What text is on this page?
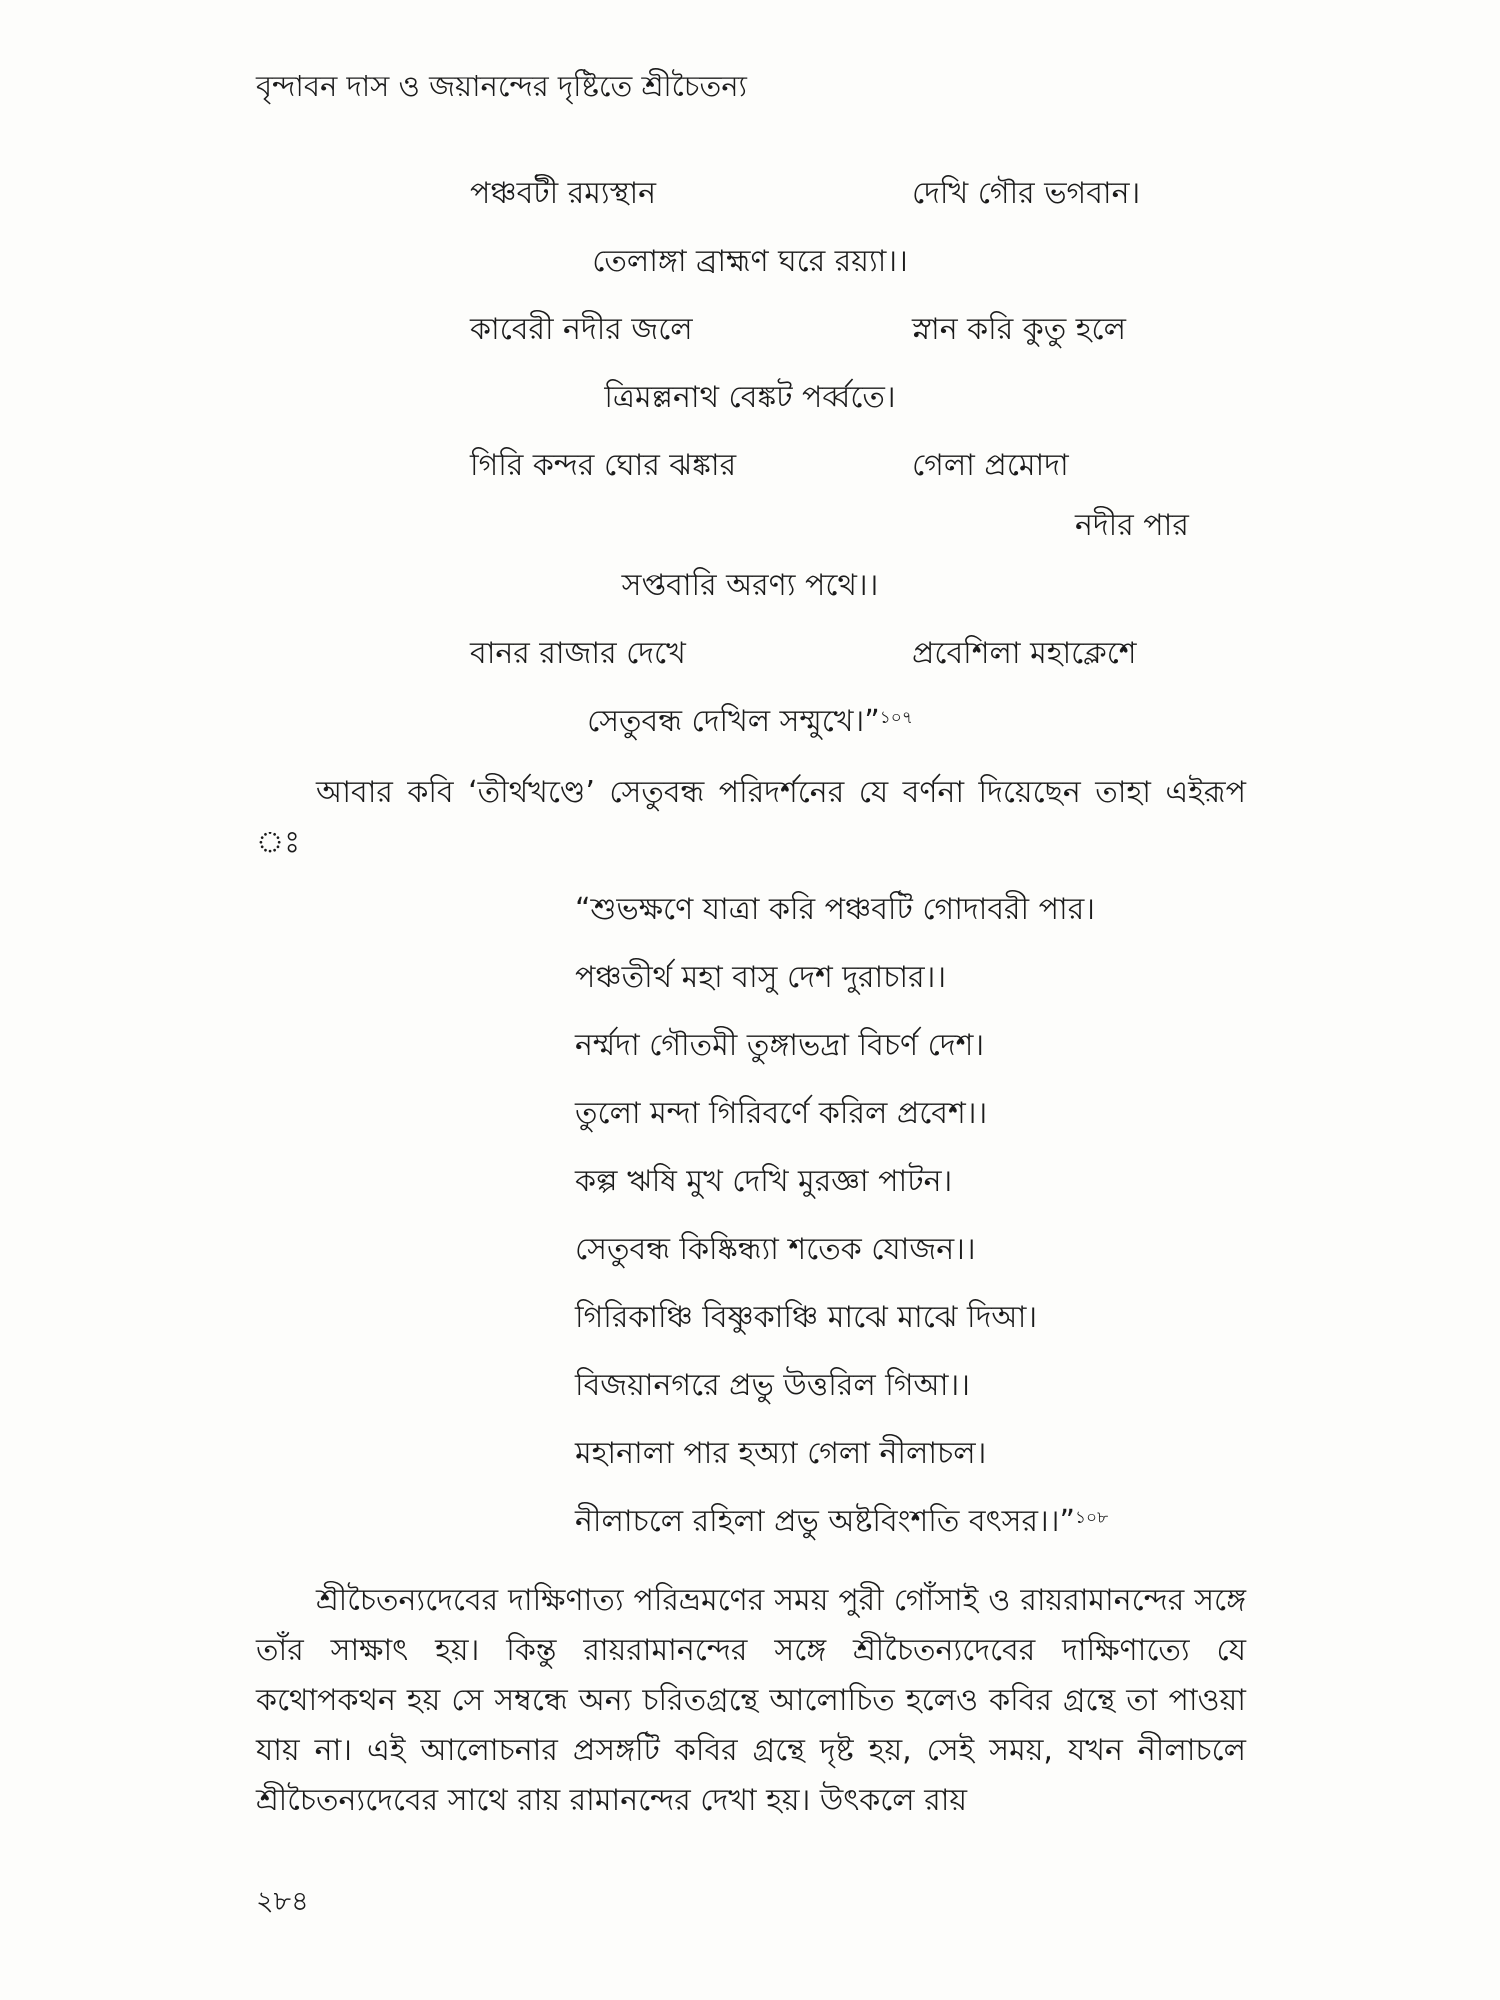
বৃন্দাবন দাস ও জয়ানন্দের দৃষ্টিতে শ্রীচৈতন্য
পঞ্চবটী রম্যস্থান	দেখি গৌর ভগবান।
তেলাঙ্গা ব্রাহ্মণ ঘরে রয়্যা।।
কাবেরী নদীর জলে	স্নান করি কুতু হলে
ত্রিমল্লনাথ বেঙ্কট পর্ব্বতে।
গিরি কন্দর ঘোর ঝঙ্কার	গেলা প্রমোদা
নদীর পার
সপ্তবারি অরণ্য পথে।।
বানর রাজার দেখে	প্রবেশিলা মহাক্লেশে
সেতুবন্ধ দেখিল সম্মুখে।”$^{১০৭}$
আবার কবি ‘তীর্থখণ্ডে’ সেতুবন্ধ পরিদর্শনের যে বর্ণনা দিয়েছেন তাহা এইরূপ ঃ
“শুভক্ষণে যাত্রা করি পঞ্চবটি গোদাবরী পার।
পঞ্চতীর্থ মহা বাসু দেশ দুরাচার।।
নর্ম্মদা গৌতমী তুঙ্গাভদ্রা বিচর্ণ দেশ।
তুলো মন্দা গিরিবর্ণে করিল প্রবেশ।।
কল্প ঋষি মুখ দেখি মুরজ্ঞা পাটন।
সেতুবন্ধ কিষ্কিন্ধ্যা শতেক যোজন।।
গিরিকাঞ্চি বিষ্ণুকাঞ্চি মাঝে মাঝে দিআ।
বিজয়ানগরে প্রভু উত্তরিল গিআ।।
মহানালা পার হঅ্যা গেলা নীলাচল।
নীলাচলে রহিলা প্রভু অষ্টবিংশতি বৎসর।।”$^{১০৮}$
শ্রীচৈতন্যদেবের দাক্ষিণাত্য পরিভ্রমণের সময় পুরী গোঁসাই ও রায়রামানন্দের সঙ্গে তাঁর সাক্ষাৎ হয়। কিন্তু রায়রামানন্দের সঙ্গে শ্রীচৈতন্যদেবের দাক্ষিণাত্যে যে কথোপকথন হয় সে সম্বন্ধে অন্য চরিতগ্রন্থে আলোচিত হলেও কবির গ্রন্থে তা পাওয়া যায় না। এই আলোচনার প্রসঙ্গটি কবির গ্রন্থে দৃষ্ট হয়, সেই সময়, যখন নীলাচলে শ্রীচৈতন্যদেবের সাথে রায় রামানন্দের দেখা হয়। উৎকলে রায়
২৮৪
